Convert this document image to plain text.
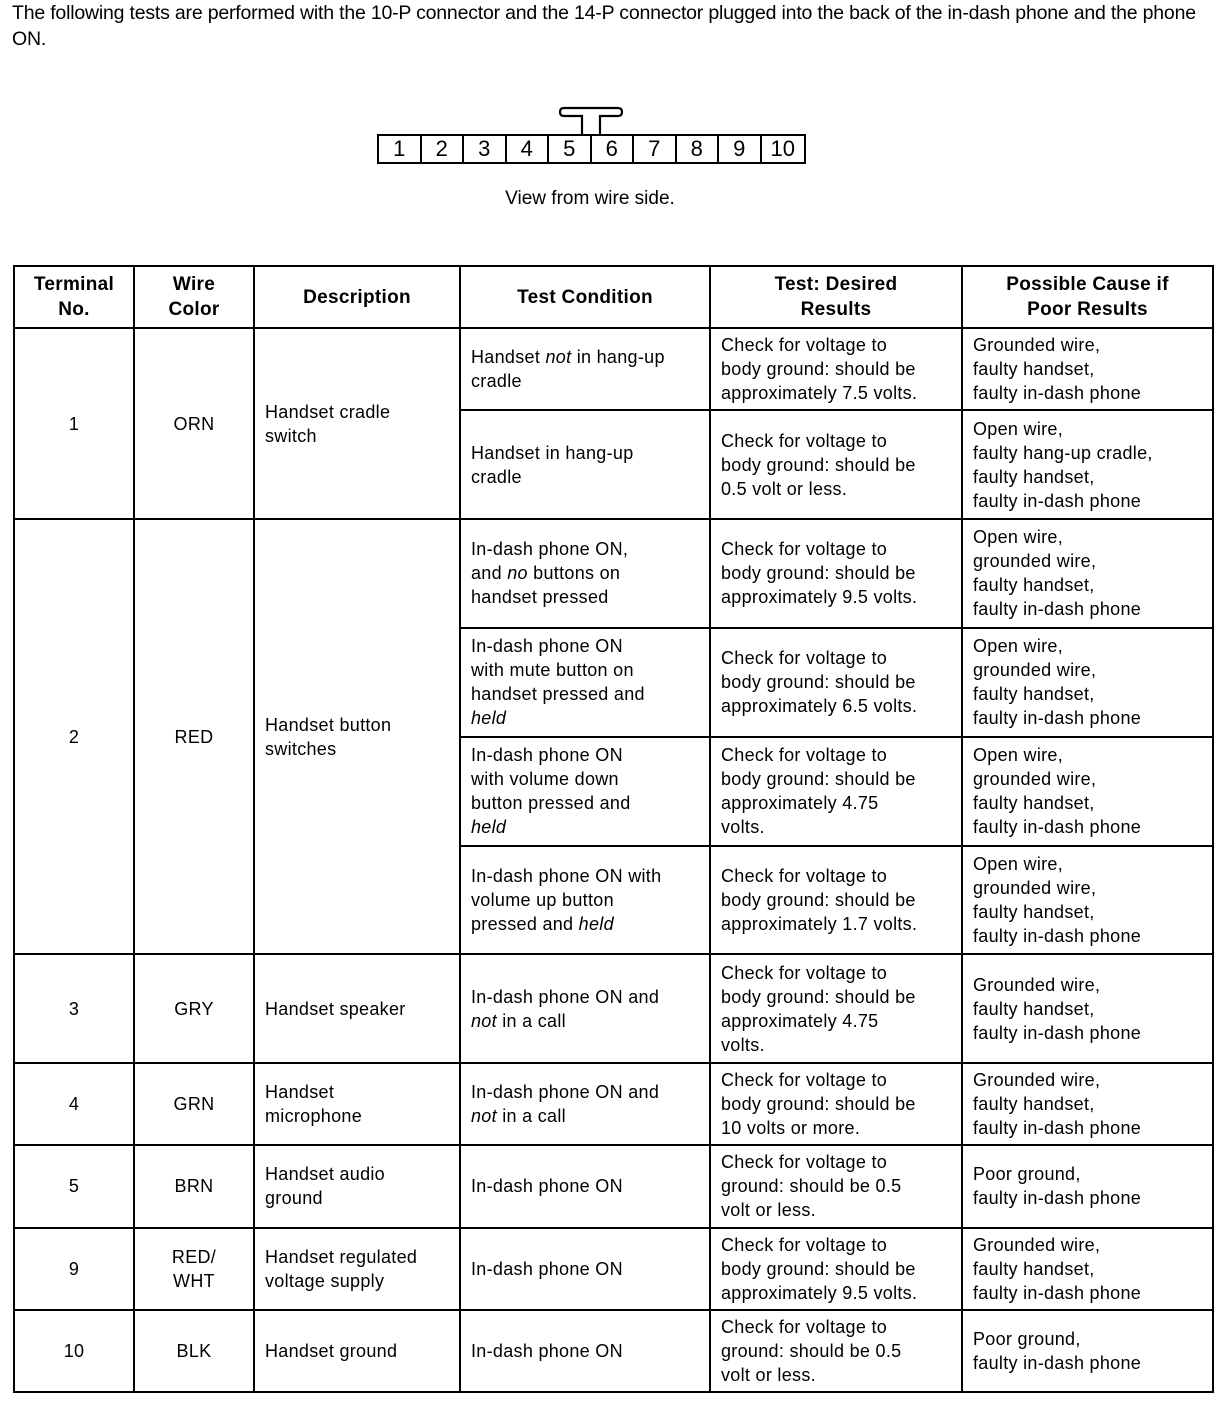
The following tests are performed with the 10-P connector and the 14-P connector plugged into the back of the in-dash phone and the phone ON.
1	2	3	4	5	6	7	8	9	10
View from wire side.
Terminal
No.	Wire
Color	Description	Test Condition	Test: Desired
Results	Possible Cause if
Poor Results

1	ORN	Handset cradle
switch	Handset not in hang-up
cradle	Check for voltage to
body ground: should be
approximately 7.5 volts.	Grounded wire,
faulty handset,
faulty in-dash phone

			Handset in hang-up
cradle	Check for voltage to
body ground: should be
0.5 volt or less.	Open wire,
faulty hang-up cradle,
faulty handset,
faulty in-dash phone

2	RED	Handset button
switches	In-dash phone ON,
and no buttons on
handset pressed	Check for voltage to
body ground: should be
approximately 9.5 volts.	Open wire,
grounded wire,
faulty handset,
faulty in-dash phone

			In-dash phone ON
with mute button on
handset pressed and
held	Check for voltage to
body ground: should be
approximately 6.5 volts.	Open wire,
grounded wire,
faulty handset,
faulty in-dash phone

			In-dash phone ON
with volume down
button pressed and
held	Check for voltage to
body ground: should be
approximately 4.75
volts.	Open wire,
grounded wire,
faulty handset,
faulty in-dash phone

			In-dash phone ON with
volume up button
pressed and held	Check for voltage to
body ground: should be
approximately 1.7 volts.	Open wire,
grounded wire,
faulty handset,
faulty in-dash phone

3	GRY	Handset speaker	In-dash phone ON and
not in a call	Check for voltage to
body ground: should be
approximately 4.75
volts.	Grounded wire,
faulty handset,
faulty in-dash phone

4	GRN	Handset
microphone	In-dash phone ON and
not in a call	Check for voltage to
body ground: should be
10 volts or more.	Grounded wire,
faulty handset,
faulty in-dash phone

5	BRN	Handset audio
ground	In-dash phone ON	Check for voltage to
ground: should be 0.5
volt or less.	Poor ground,
faulty in-dash phone

9	RED/
WHT	Handset regulated
voltage supply	In-dash phone ON	Check for voltage to
body ground: should be
approximately 9.5 volts.	Grounded wire,
faulty handset,
faulty in-dash phone

10	BLK	Handset ground	In-dash phone ON	Check for voltage to
ground: should be 0.5
volt or less.	Poor ground,
faulty in-dash phone
